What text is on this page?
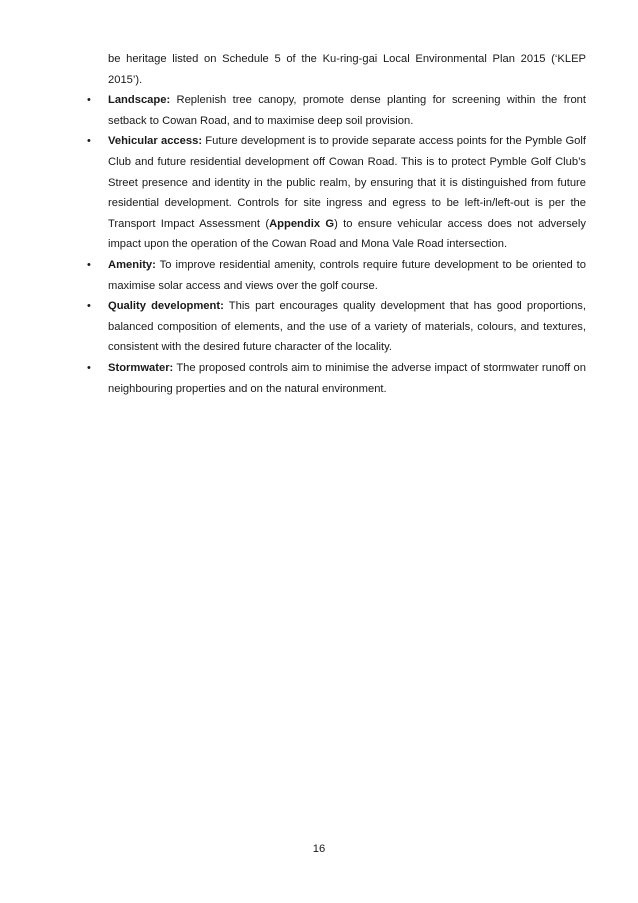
be heritage listed on Schedule 5 of the Ku-ring-gai Local Environmental Plan 2015 (‘KLEP 2015’).

• Landscape: Replenish tree canopy, promote dense planting for screening within the front setback to Cowan Road, and to maximise deep soil provision.
• Vehicular access: Future development is to provide separate access points for the Pymble Golf Club and future residential development off Cowan Road. This is to protect Pymble Golf Club’s Street presence and identity in the public realm, by ensuring that it is distinguished from future residential development. Controls for site ingress and egress to be left-in/left-out is per the Transport Impact Assessment (Appendix G) to ensure vehicular access does not adversely impact upon the operation of the Cowan Road and Mona Vale Road intersection.
• Amenity: To improve residential amenity, controls require future development to be oriented to maximise solar access and views over the golf course.
• Quality development: This part encourages quality development that has good proportions, balanced composition of elements, and the use of a variety of materials, colours, and textures, consistent with the desired future character of the locality.
• Stormwater: The proposed controls aim to minimise the adverse impact of stormwater runoff on neighbouring properties and on the natural environment.
16
